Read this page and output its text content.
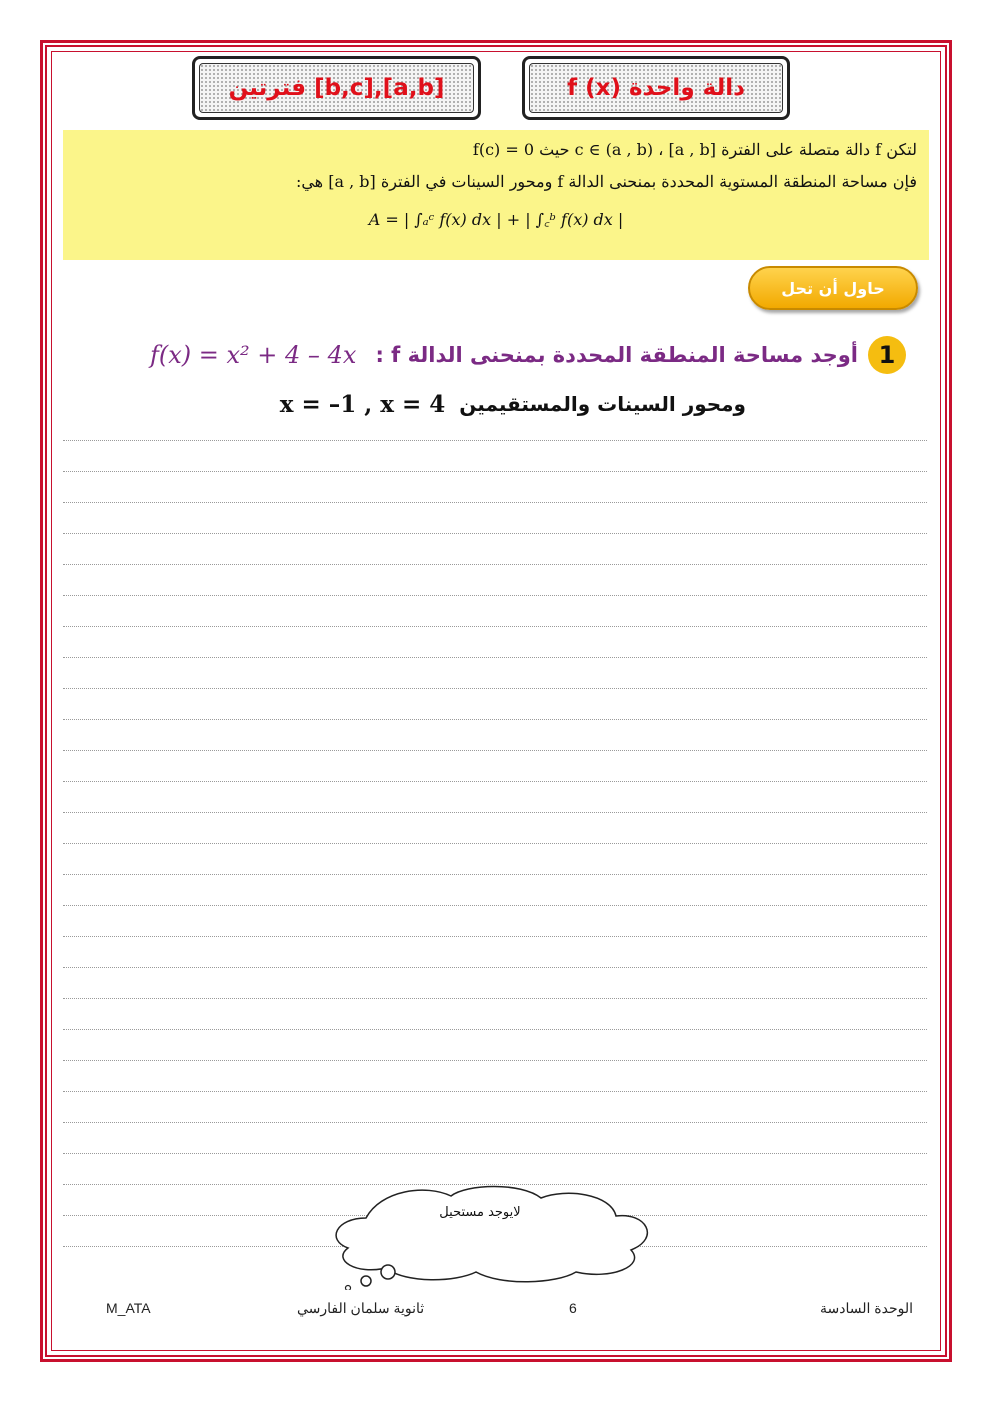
[a,b],[b,c] فترتين	دالة واحدة f (x)
لتكن f دالة متصلة على الفترة [a , b] ، c ∈ (a , b) حيث f(c) = 0
فإن مساحة المنطقة المستوية المحددة بمنحنى الدالة f ومحور السينات في الفترة [a , b] هي:
A = | ∫ₐᶜ f(x) dx | + | ∫꜀ᵇ f(x) dx |
حاول أن تحل
1
أوجد مساحة المنطقة المحددة بمنحنى الدالة f :
f(x) = x² + 4 – 4x
ومحور السينات والمستقيمين
x = –1 , x = 4
لايوجد مستحيل
M_ATA	ثانوية سلمان الفارسي	6	الوحدة السادسة
